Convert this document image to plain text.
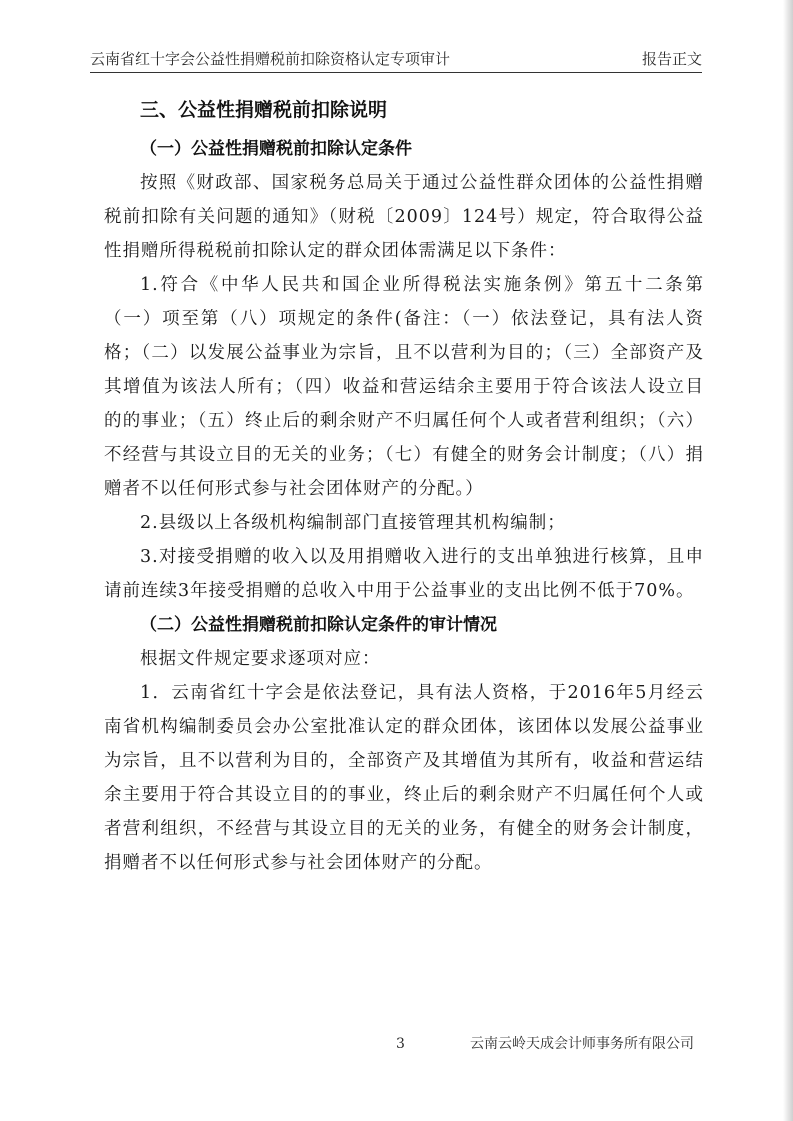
云南省红十字会公益性捐赠税前扣除资格认定专项审计	报告正文
三、公益性捐赠税前扣除说明
（一）公益性捐赠税前扣除认定条件

按照《财政部、国家税务总局关于通过公益性群众团体的公益性捐赠税前扣除有关问题的通知》（财税〔2009〕124号）规定，符合取得公益性捐赠所得税税前扣除认定的群众团体需满足以下条件：

1.符合《中华人民共和国企业所得税法实施条例》第五十二条第（一）项至第（八）项规定的条件(备注：（一）依法登记，具有法人资格；（二）以发展公益事业为宗旨，且不以营利为目的；（三）全部资产及其增值为该法人所有；（四）收益和营运结余主要用于符合该法人设立目的的事业；（五）终止后的剩余财产不归属任何个人或者营利组织；（六）不经营与其设立目的无关的业务；（七）有健全的财务会计制度；（八）捐赠者不以任何形式参与社会团体财产的分配。）

2.县级以上各级机构编制部门直接管理其机构编制；

3.对接受捐赠的收入以及用捐赠收入进行的支出单独进行核算，且申请前连续3年接受捐赠的总收入中用于公益事业的支出比例不低于70%。

（二）公益性捐赠税前扣除认定条件的审计情况

根据文件规定要求逐项对应：

1．云南省红十字会是依法登记，具有法人资格，于2016年5月经云南省机构编制委员会办公室批准认定的群众团体，该团体以发展公益事业为宗旨，且不以营利为目的，全部资产及其增值为其所有，收益和营运结余主要用于符合其设立目的的事业，终止后的剩余财产不归属任何个人或者营利组织，不经营与其设立目的无关的业务，有健全的财务会计制度，捐赠者不以任何形式参与社会团体财产的分配。

3	云南云岭天成会计师事务所有限公司
